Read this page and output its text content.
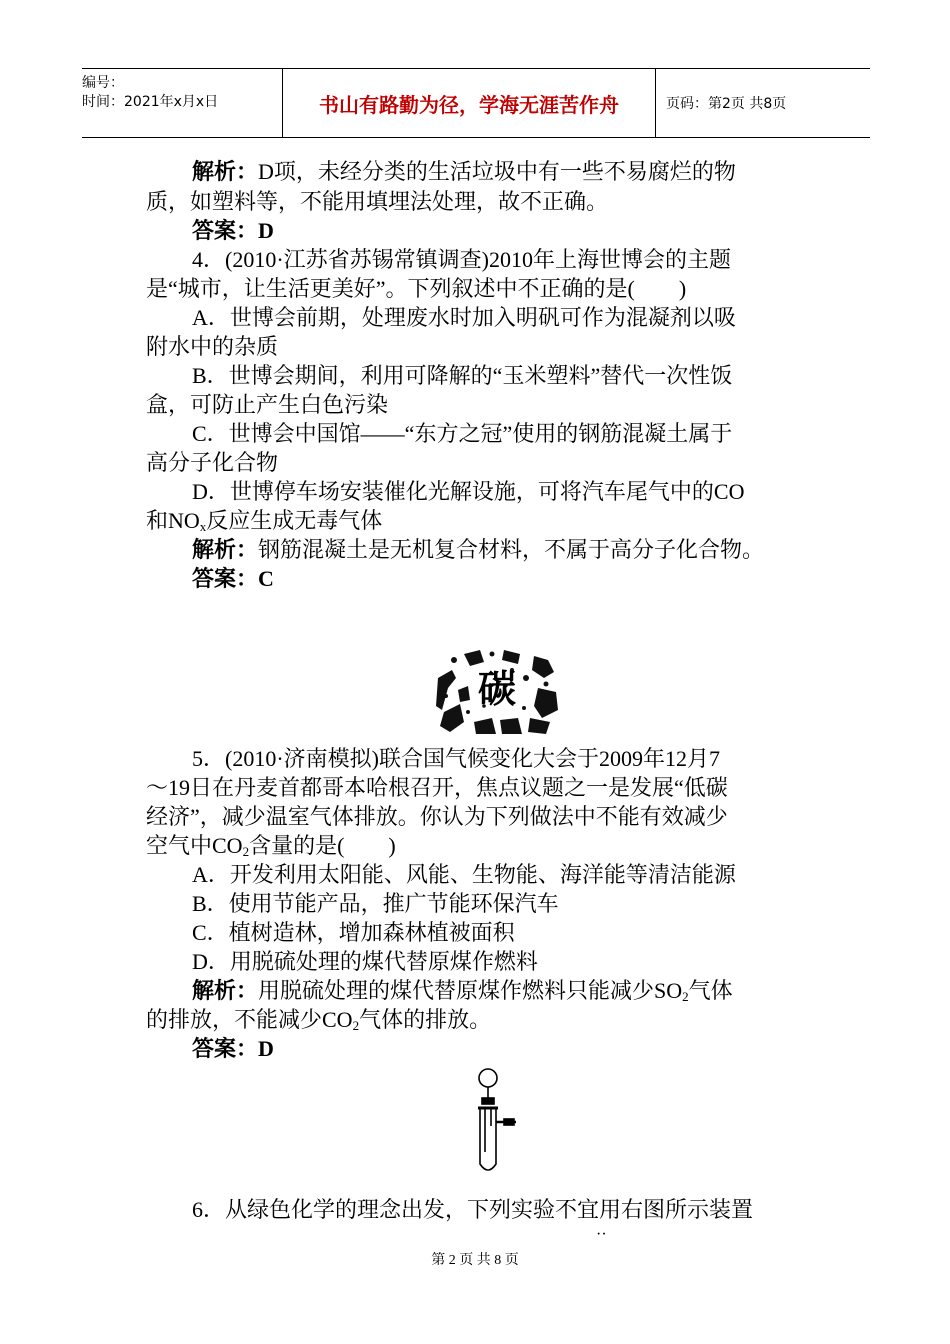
编号：
时间：2021年x月x日	书山有路勤为径，学海无涯苦作舟	页码：第2页 共8页
解析：D项，未经分类的生活垃圾中有一些不易腐烂的物
质，如塑料等，不能用填埋法处理，故不正确。
答案：D
4．(2010·江苏省苏锡常镇调查)2010年上海世博会的主题
是“城市，让生活更美好”。下列叙述中不正确的是(　　)
A．世博会前期，处理废水时加入明矾可作为混凝剂以吸
附水中的杂质
B．世博会期间，利用可降解的“玉米塑料”替代一次性饭
盒，可防止产生白色污染
C．世博会中国馆——“东方之冠”使用的钢筋混凝土属于
高分子化合物
D．世博停车场安装催化光解设施，可将汽车尾气中的CO
和$NO_x$反应生成无毒气体
解析：钢筋混凝土是无机复合材料，不属于高分子化合物。
答案：C
碳
5．(2010·济南模拟)联合国气候变化大会于2009年12月7
～19日在丹麦首都哥本哈根召开，焦点议题之一是发展“低碳
经济”，减少温室气体排放。你认为下列做法中不能有效减少
空气中$CO_2$含量的是(　　)
A．开发利用太阳能、风能、生物能、海洋能等清洁能源
B．使用节能产品，推广节能环保汽车
C．植树造林，增加森林植被面积
D．用脱硫处理的煤代替原煤作燃料
解析：用脱硫处理的煤代替原煤作燃料只能减少$SO_2$气体
的排放，不能减少$CO_2$气体的排放。
答案：D
6．从绿色化学的理念出发，下列实验不宜用右图所示装置
··
第 2 页 共 8 页
